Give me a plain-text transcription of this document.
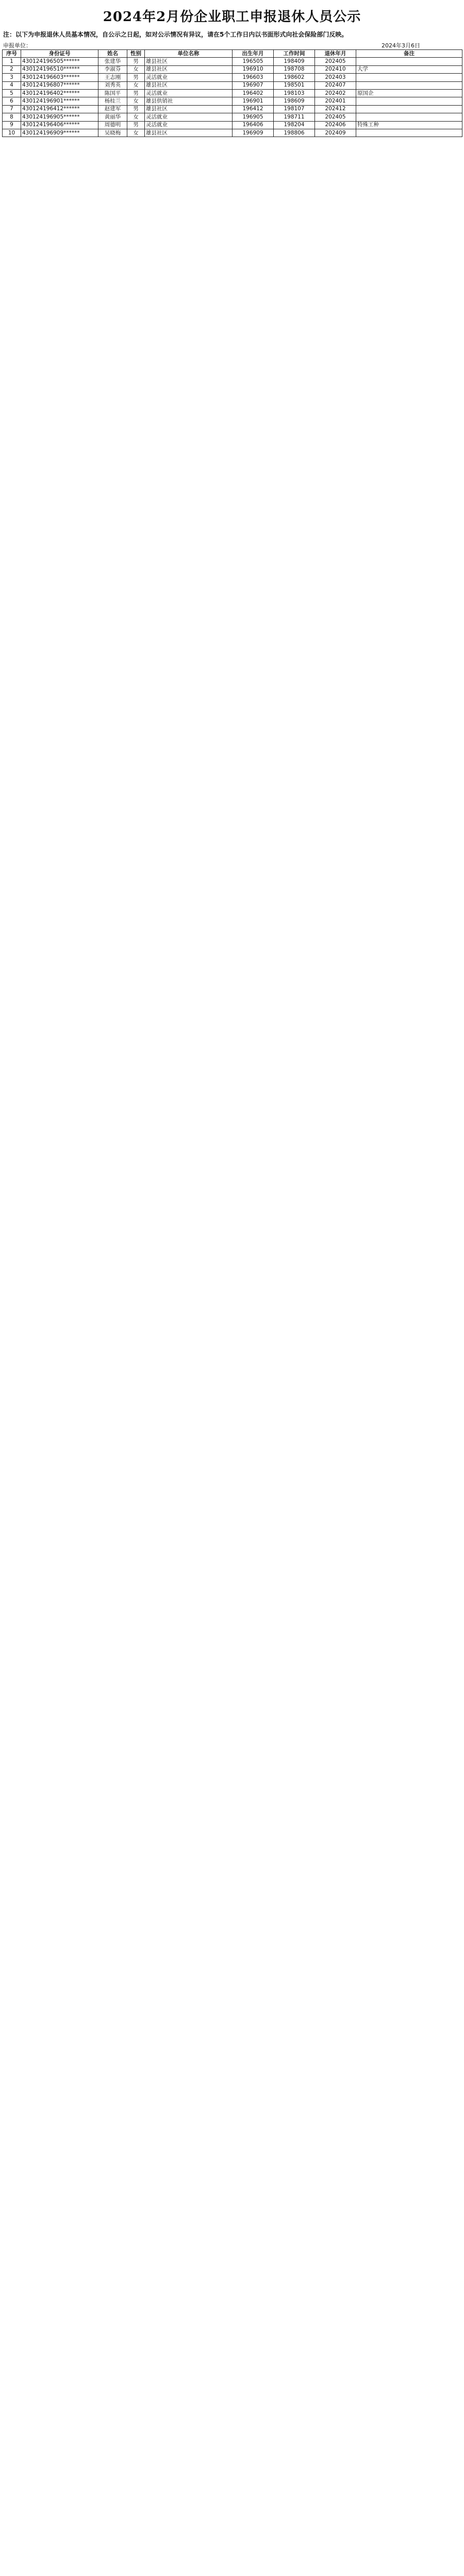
2024年2月份企业职工申报退休人员公示
注：以下为申报退休人员基本情况，自公示之日起，如对公示情况有异议，请在5个工作日内以书面形式向社会保险部门反映。
申报单位：	2024年3月6日
序号	身份证号	姓名	性别	单位名称	出生年月	工作时间	退休年月	备注
1	430124196505******	张建华	男	雄县社区	196505	198409	202405	
2	430124196510******	李淑芬	女	雄县社区	196910	198708	202410	大学
3	430124196603******	王志刚	男	灵活就业	196603	198602	202403	
4	430124196807******	刘秀英	女	雄县社区	196907	198501	202407	
5	430124196402******	陈国平	男	灵活就业	196402	198103	202402	原国企
6	430124196901******	杨桂兰	女	雄县供销社	196901	198609	202401	
7	430124196412******	赵建军	男	雄县社区	196412	198107	202412	
8	430124196905******	黄丽华	女	灵活就业	196905	198711	202405	
9	430124196406******	周德明	男	灵活就业	196406	198204	202406	特殊工种
10	430124196909******	吴晓梅	女	雄县社区	196909	198806	202409	
